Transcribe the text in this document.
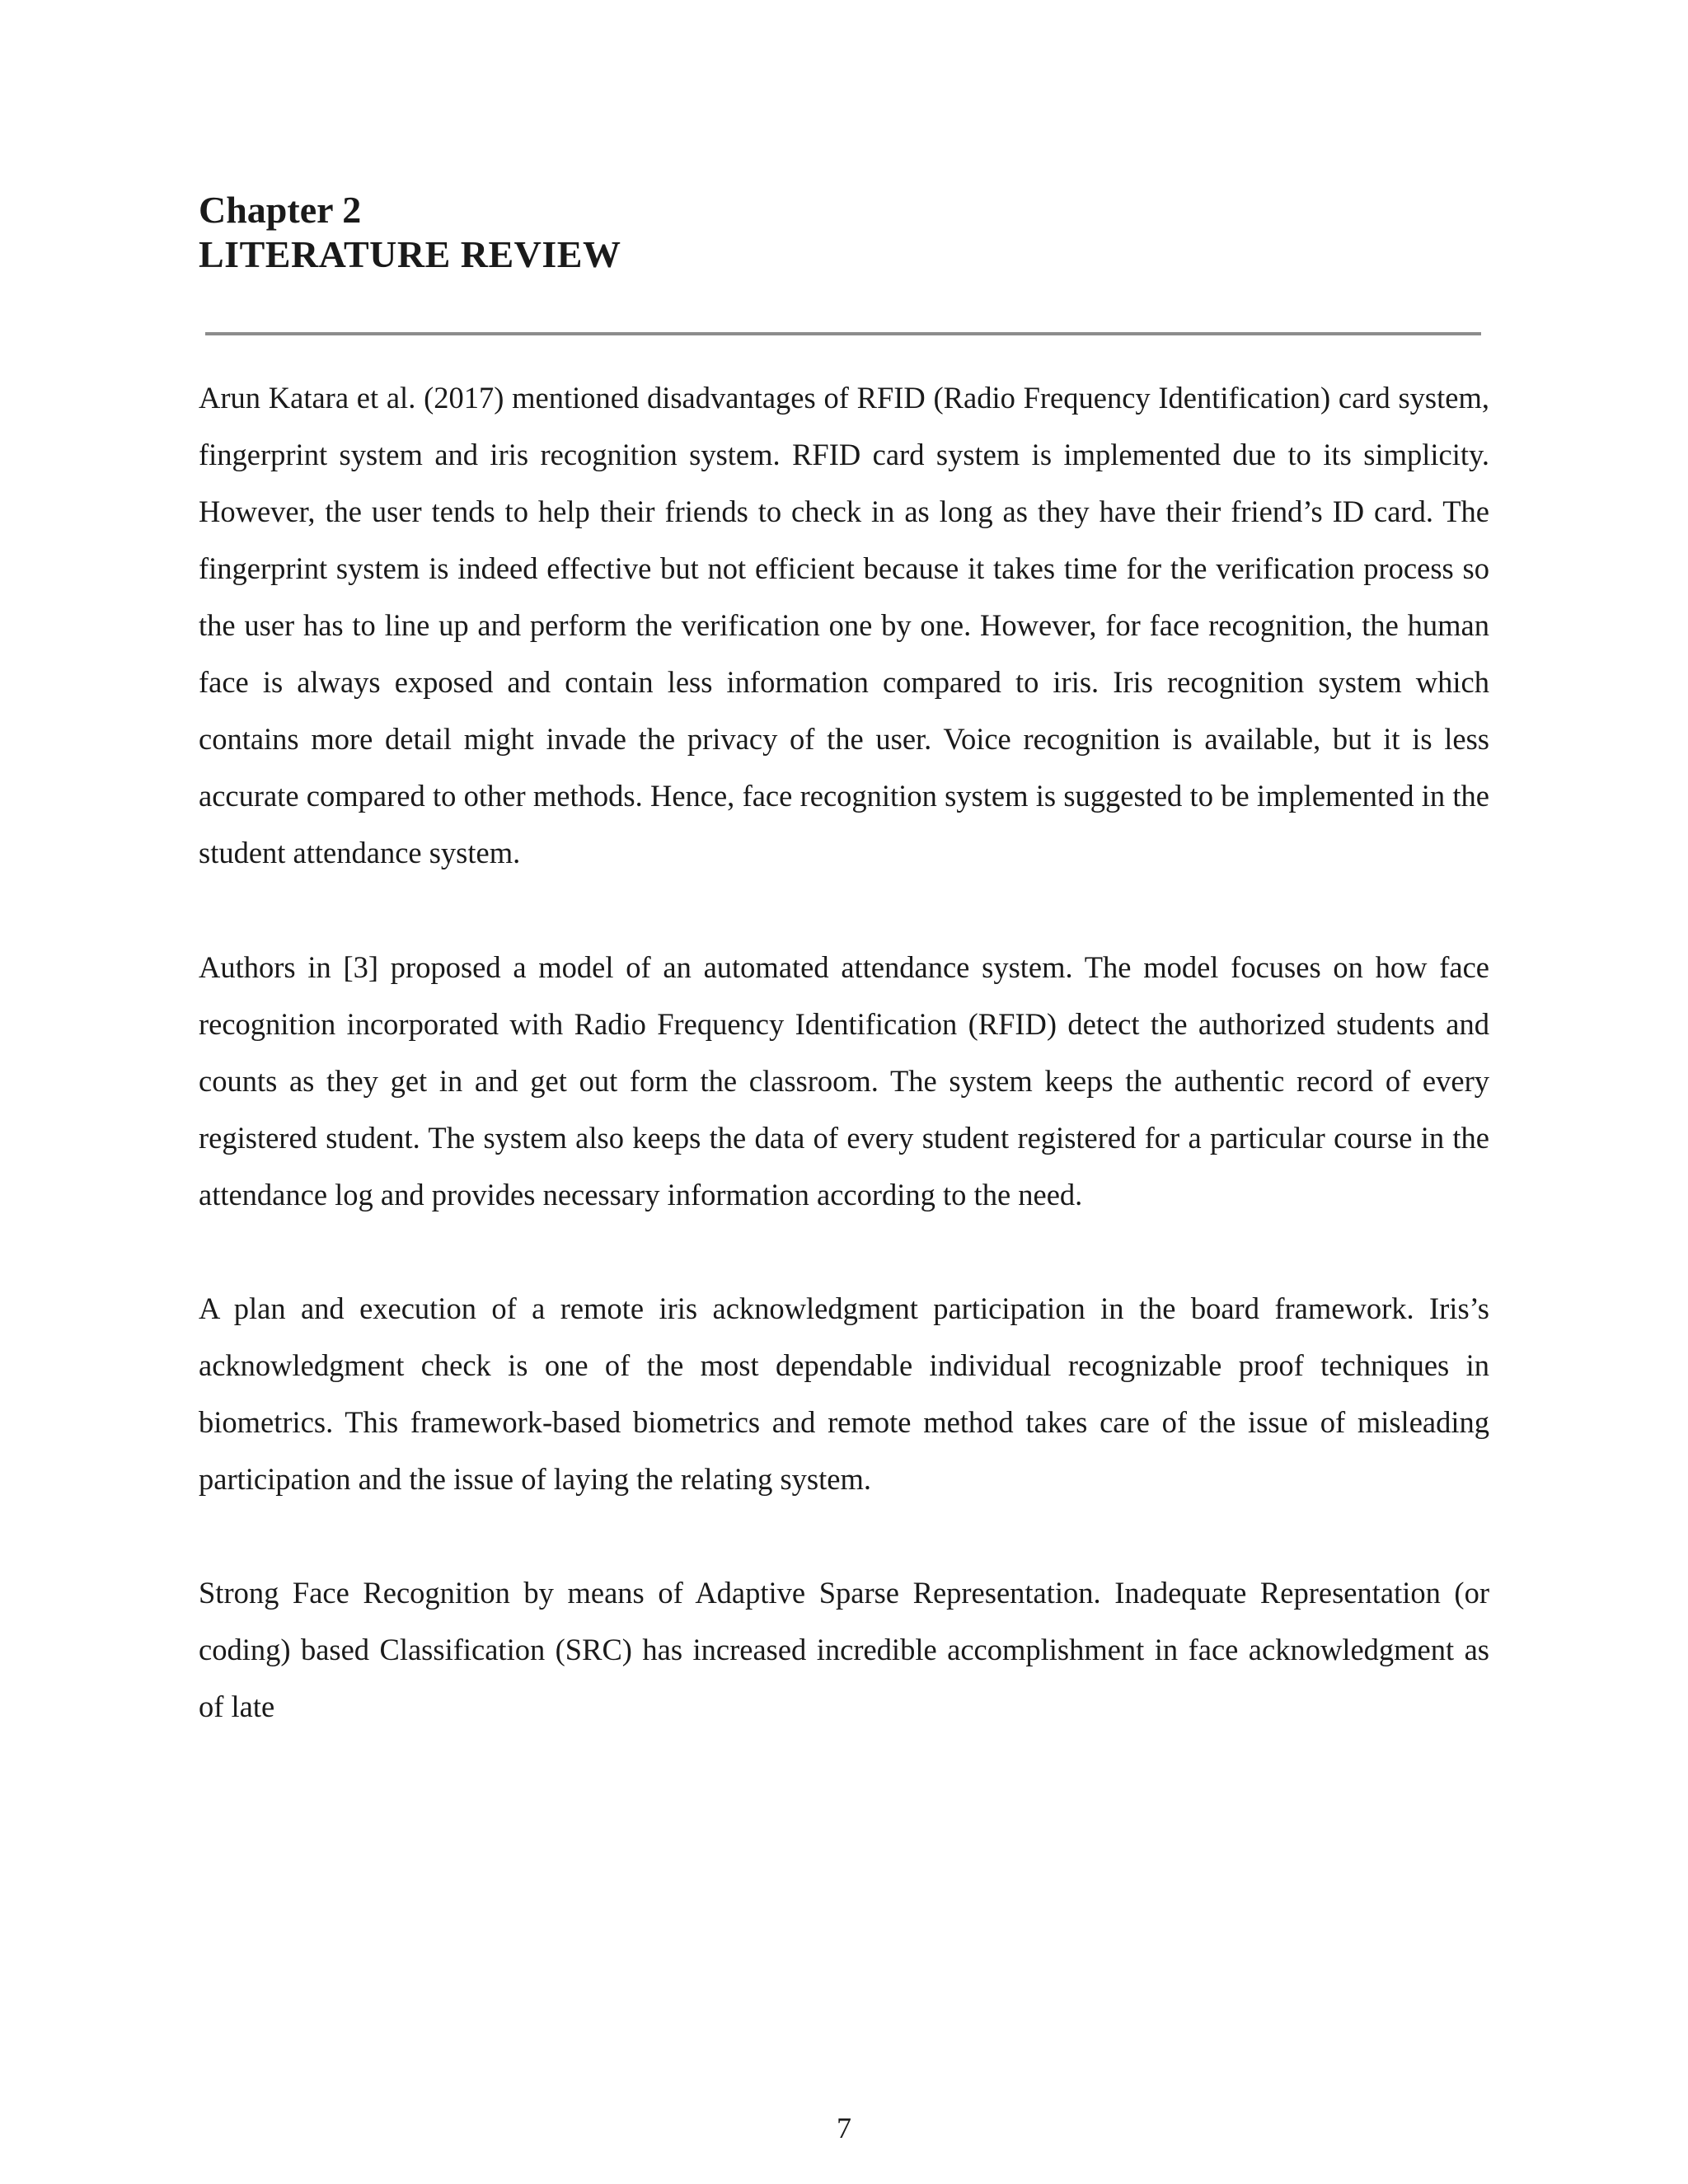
Chapter 2
LITERATURE REVIEW

Arun Katara et al. (2017) mentioned disadvantages of RFID (Radio Frequency Identification) card system, fingerprint system and iris recognition system. RFID card system is implemented due to its simplicity. However, the user tends to help their friends to check in as long as they have their friend’s ID card. The fingerprint system is indeed effective but not efficient because it takes time for the verification process so the user has to line up and perform the verification one by one. However, for face recognition, the human face is always exposed and contain less information compared to iris. Iris recognition system which contains more detail might invade the privacy of the user. Voice recognition is available, but it is less accurate compared to other methods. Hence, face recognition system is suggested to be implemented in the student attendance system.

Authors in [3] proposed a model of an automated attendance system. The model focuses on how face recognition incorporated with Radio Frequency Identification (RFID) detect the authorized students and counts as they get in and get out form the classroom. The system keeps the authentic record of every registered student. The system also keeps the data of every student registered for a particular course in the attendance log and provides necessary information according to the need.

A plan and execution of a remote iris acknowledgment participation in the board framework. Iris’s acknowledgment check is one of the most dependable individual recognizable proof techniques in biometrics. This framework-based biometrics and remote method takes care of the issue of misleading participation and the issue of laying the relating system.

Strong Face Recognition by means of Adaptive Sparse Representation. Inadequate Representation (or coding) based Classification (SRC) has increased incredible accomplishment in face acknowledgment as of late

7
